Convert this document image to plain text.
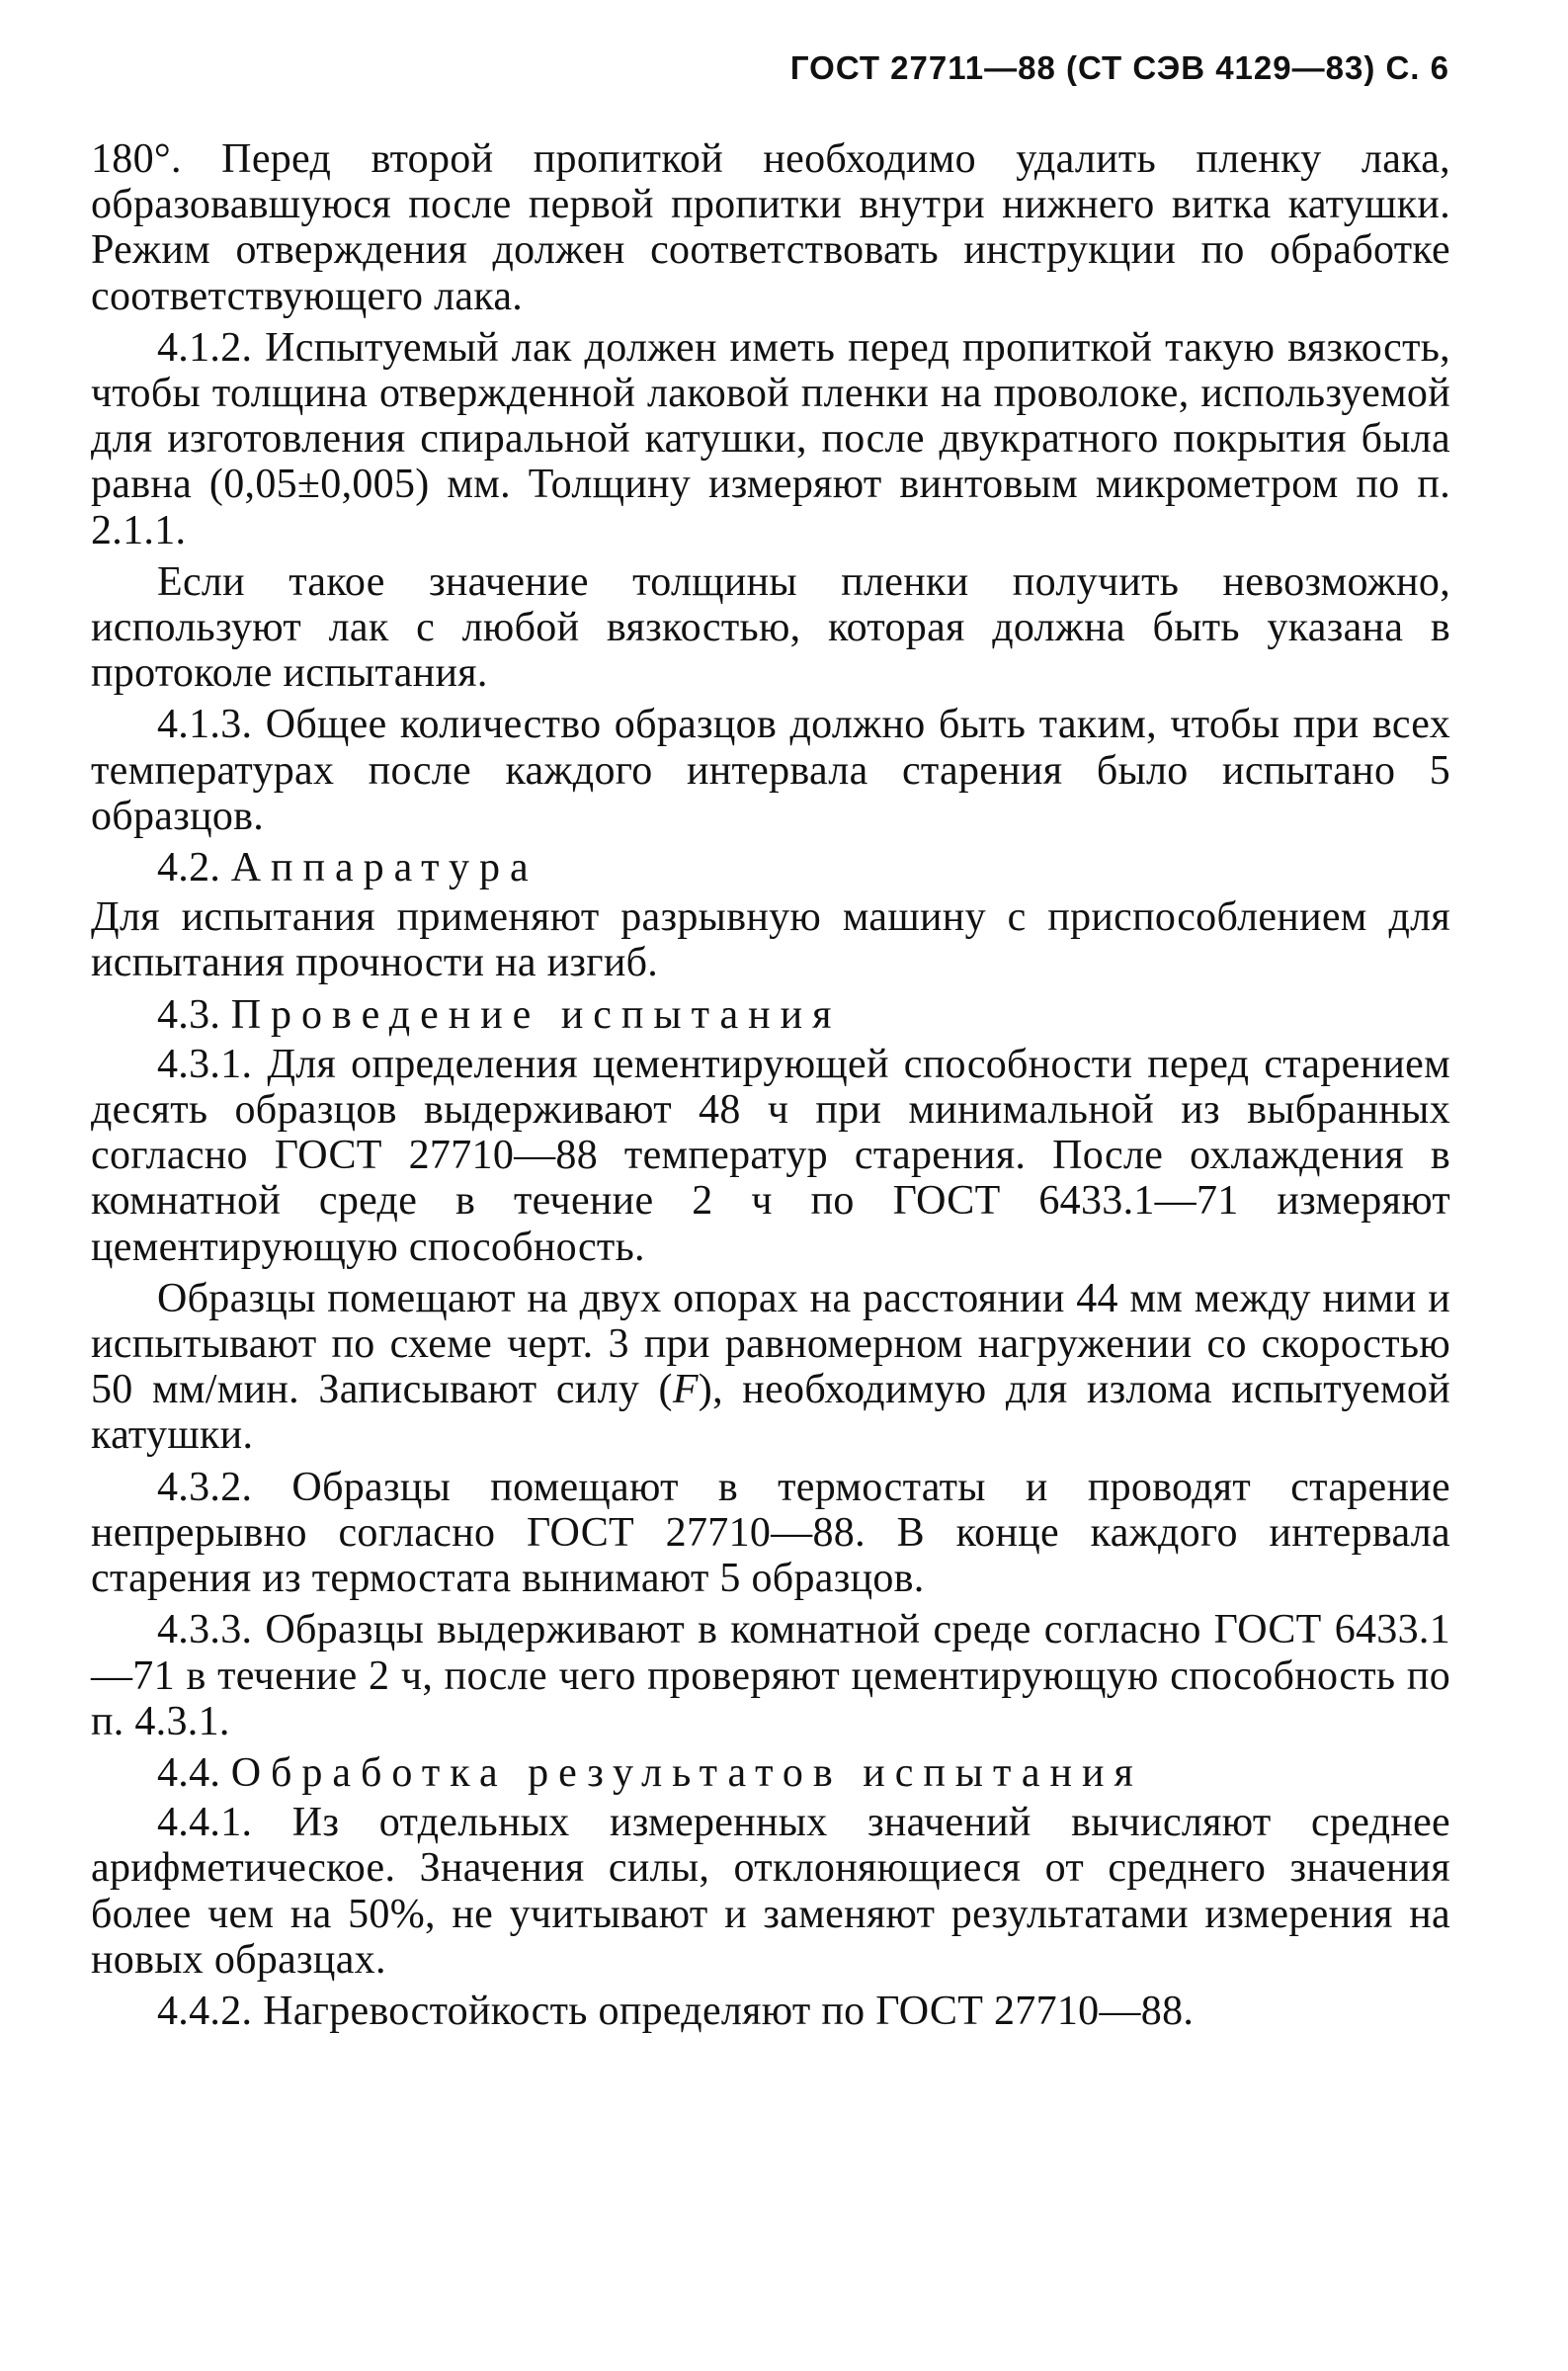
ГОСТ 27711—88 (СТ СЭВ 4129—83) С. 6

180°. Перед второй пропиткой необходимо удалить пленку лака, образовавшуюся после первой пропитки внутри нижнего витка катушки. Режим отверждения должен соответствовать инструкции по обработке соответствующего лака.

4.1.2. Испытуемый лак должен иметь перед пропиткой такую вязкость, чтобы толщина отвержденной лаковой пленки на проволоке, используемой для изготовления спиральной катушки, после двукратного покрытия была равна (0,05±0,005) мм. Толщину измеряют винтовым микрометром по п. 2.1.1.

Если такое значение толщины пленки получить невозможно, используют лак с любой вязкостью, которая должна быть указана в протоколе испытания.

4.1.3. Общее количество образцов должно быть таким, чтобы при всех температурах после каждого интервала старения было испытано 5 образцов.

4.2. Аппаратура

Для испытания применяют разрывную машину с приспособлением для испытания прочности на изгиб.

4.3. Проведение испытания

4.3.1. Для определения цементирующей способности перед старением десять образцов выдерживают 48 ч при минимальной из выбранных согласно ГОСТ 27710—88 температур старения. После охлаждения в комнатной среде в течение 2 ч по ГОСТ 6433.1—71 измеряют цементирующую способность.

Образцы помещают на двух опорах на расстоянии 44 мм между ними и испытывают по схеме черт. 3 при равномерном нагружении со скоростью 50 мм/мин. Записывают силу (F), необходимую для излома испытуемой катушки.

4.3.2. Образцы помещают в термостаты и проводят старение непрерывно согласно ГОСТ 27710—88. В конце каждого интервала старения из термостата вынимают 5 образцов.

4.3.3. Образцы выдерживают в комнатной среде согласно ГОСТ 6433.1—71 в течение 2 ч, после чего проверяют цементирующую способность по п. 4.3.1.

4.4. Обработка результатов испытания

4.4.1. Из отдельных измеренных значений вычисляют среднее арифметическое. Значения силы, отклоняющиеся от среднего значения более чем на 50%, не учитывают и заменяют результатами измерения на новых образцах.

4.4.2. Нагревостойкость определяют по ГОСТ 27710—88.
